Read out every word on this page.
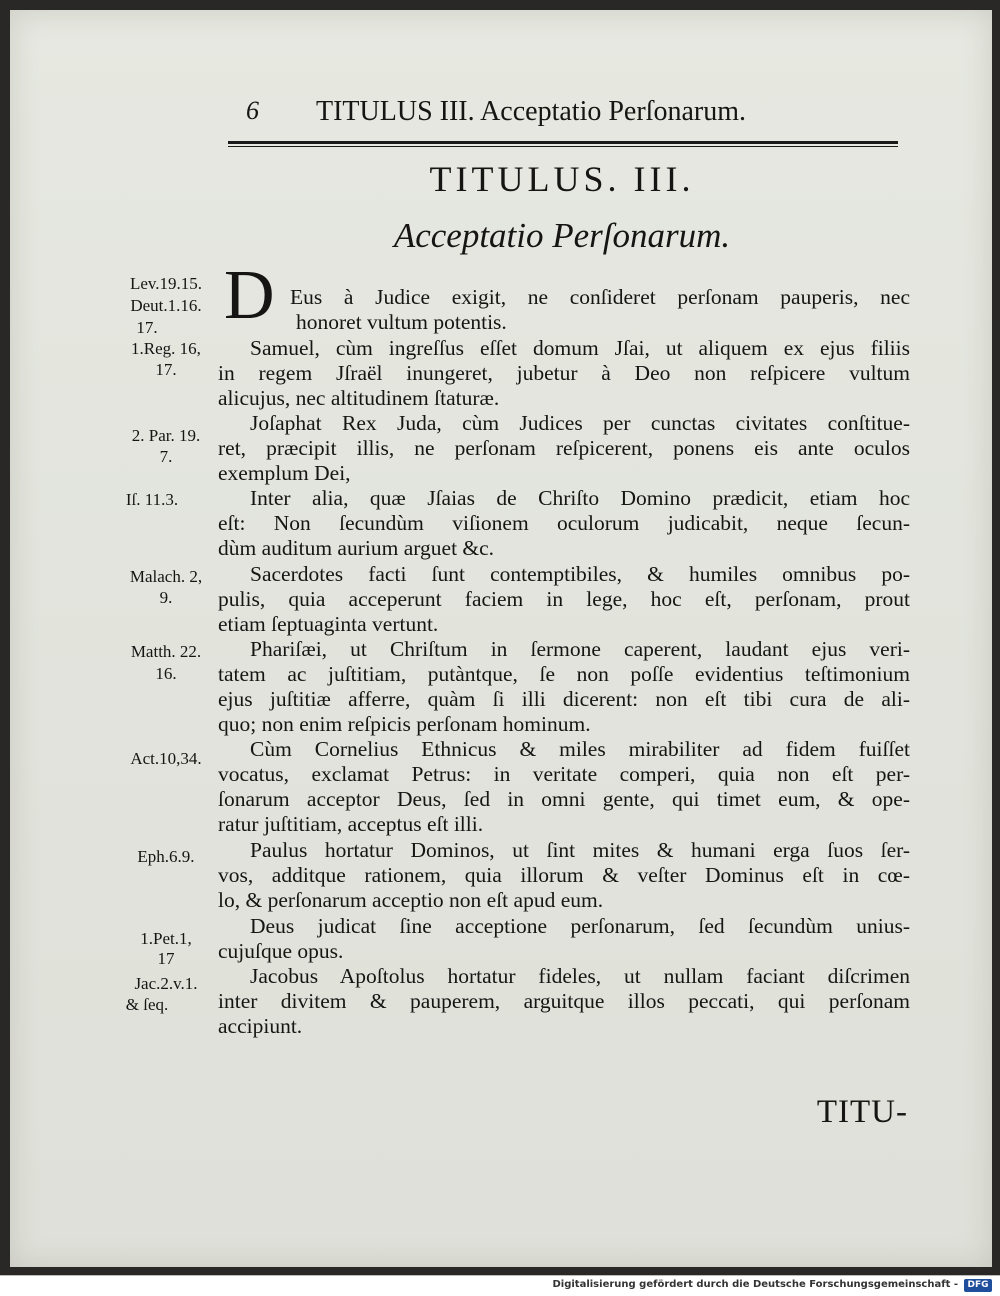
6 TITULUS III. Acceptatio Perſonarum.
TITULUS. III.
Acceptatio Perſonarum.
D
Lev.19.15.
Deut.1.16.
17.
1.Reg. 16,
17.
2. Par. 19.
7.
Iſ. 11.3.
Malach. 2,
9.
Matth. 22.
16.
Act.10,34.
Eph.6.9.
1.Pet.1,
17
Jac.2.v.1.
& ſeq.
Eus à Judice exigit, ne conſideret perſonam pauperis, nec
honoret vultum potentis.
Samuel, cùm ingreſſus eſſet domum Jſai, ut aliquem ex ejus filiis
in regem Jſraël inungeret, jubetur à Deo non reſpicere vultum
alicujus, nec altitudinem ſtaturæ.
Joſaphat Rex Juda, cùm Judices per cunctas civitates conſtitue-
ret, præcipit illis, ne perſonam reſpicerent, ponens eis ante oculos
exemplum Dei,
Inter alia, quæ Jſaias de Chriſto Domino prædicit, etiam hoc
eſt: Non ſecundùm viſionem oculorum judicabit, neque ſecun-
dùm auditum aurium arguet &c.
Sacerdotes facti ſunt contemptibiles, & humiles omnibus po-
pulis, quia acceperunt faciem in lege, hoc eſt, perſonam, prout
etiam ſeptuaginta vertunt.
Phariſæi, ut Chriſtum in ſermone caperent, laudant ejus veri-
tatem ac juſtitiam, putàntque, ſe non poſſe evidentius teſtimonium
ejus juſtitiæ afferre, quàm ſi illi dicerent: non eſt tibi cura de ali-
quo; non enim reſpicis perſonam hominum.
Cùm Cornelius Ethnicus & miles mirabiliter ad fidem fuiſſet
vocatus, exclamat Petrus: in veritate comperi, quia non eſt per-
ſonarum acceptor Deus, ſed in omni gente, qui timet eum, & ope-
ratur juſtitiam, acceptus eſt illi.
Paulus hortatur Dominos, ut ſint mites & humani erga ſuos ſer-
vos, additque rationem, quia illorum & veſter Dominus eſt in cœ-
lo, & perſonarum acceptio non eſt apud eum.
Deus judicat ſine acceptione perſonarum, ſed ſecundùm unius-
cujuſque opus.
Jacobus Apoſtolus hortatur fideles, ut nullam faciant diſcrimen
inter divitem & pauperem, arguitque illos peccati, qui perſonam
accipiunt.
TITU-
Digitalisierung gefördert durch die Deutsche Forschungsgemeinschaft -	DFG
